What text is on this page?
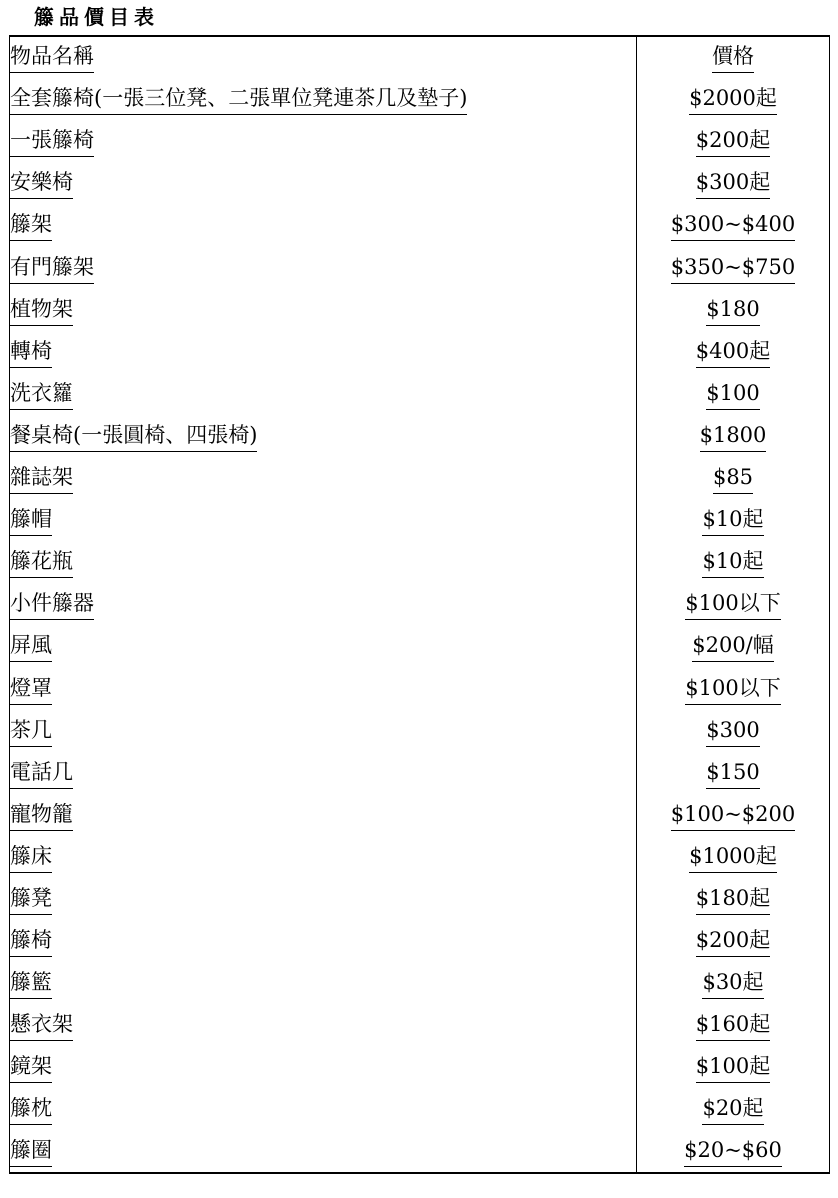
籐品價目表
物品名稱	價格
全套籐椅(一張三位凳、二張單位凳連茶几及墊子)	$2000起
一張籐椅	$200起
安樂椅	$300起
籐架	$300~$400
有門籐架	$350~$750
植物架	$180
轉椅	$400起
洗衣籮	$100
餐桌椅(一張圓椅、四張椅)	$1800
雜誌架	$85
籐帽	$10起
籐花瓶	$10起
小件籐器	$100以下
屏風	$200/幅
燈罩	$100以下
茶几	$300
電話几	$150
寵物籠	$100~$200
籐床	$1000起
籐凳	$180起
籐椅	$200起
籐籃	$30起
懸衣架	$160起
鏡架	$100起
籐枕	$20起
籐圈	$20~$60
